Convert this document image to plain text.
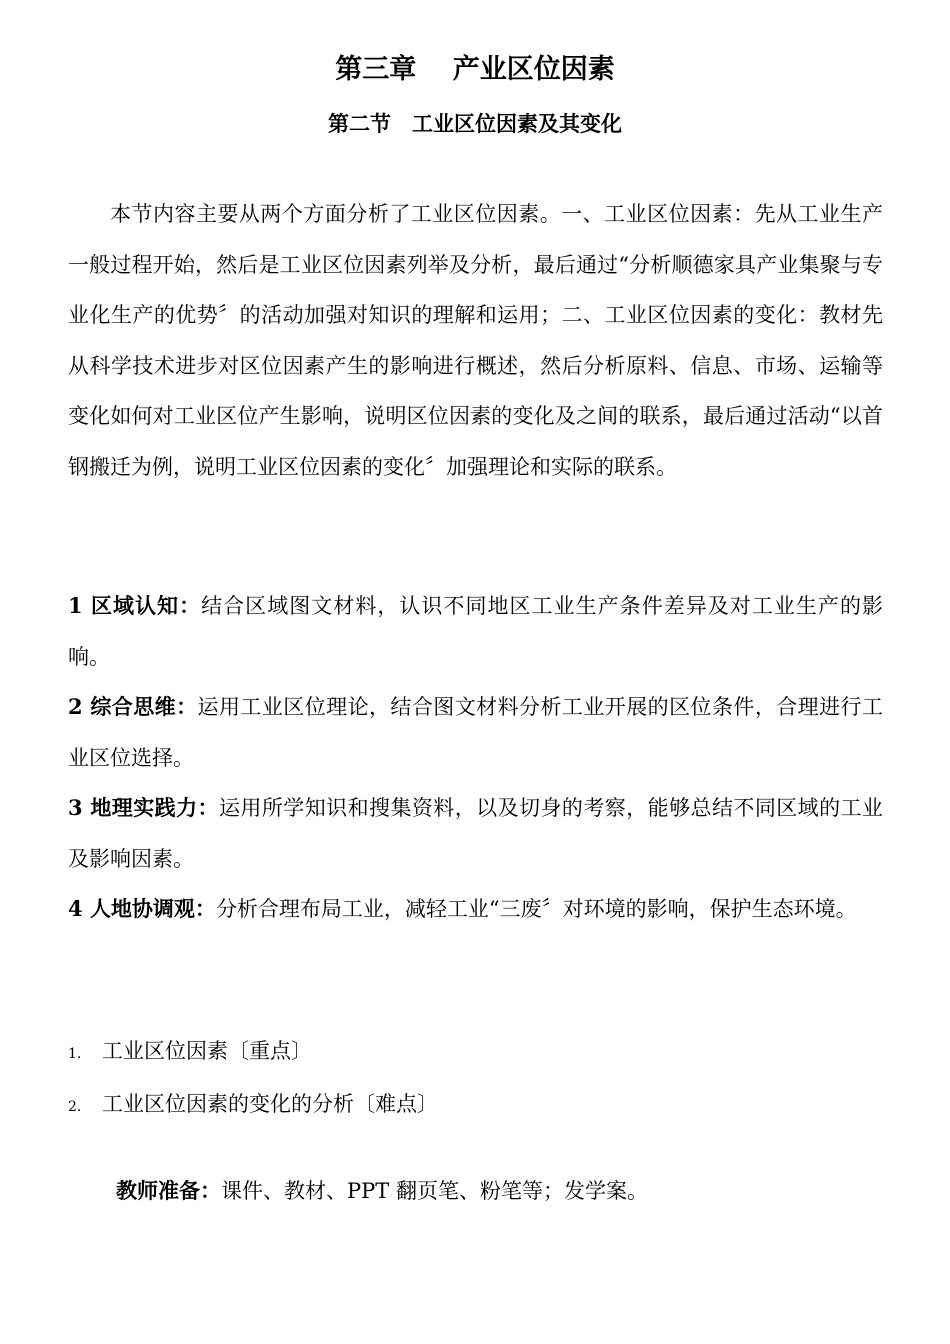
第三章　 产业区位因素
第二节　工业区位因素及其变化
本节内容主要从两个方面分析了工业区位因素。一、工业区位因素：先从工业生产一般过程开始，然后是工业区位因素列举及分析，最后通过“分析顺德家具产业集聚与专业化生产的优势〞的活动加强对知识的理解和运用；二、工业区位因素的变化：教材先从科学技术进步对区位因素产生的影响进行概述，然后分析原料、信息、市场、运输等变化如何对工业区位产生影响，说明区位因素的变化及之间的联系，最后通过活动“以首钢搬迁为例，说明工业区位因素的变化〞加强理论和实际的联系。

1 区域认知：结合区域图文材料，认识不同地区工业生产条件差异及对工业生产的影响。

2 综合思维：运用工业区位理论，结合图文材料分析工业开展的区位条件，合理进行工业区位选择。

3 地理实践力：运用所学知识和搜集资料，以及切身的考察，能够总结不同区域的工业及影响因素。

4 人地协调观：分析合理布局工业，减轻工业“三废〞对环境的影响，保护生态环境。

1. 工业区位因素〔重点〕
2. 工业区位因素的变化的分析〔难点〕
教师准备：课件、教材、PPT 翻页笔、粉笔等；发学案。
